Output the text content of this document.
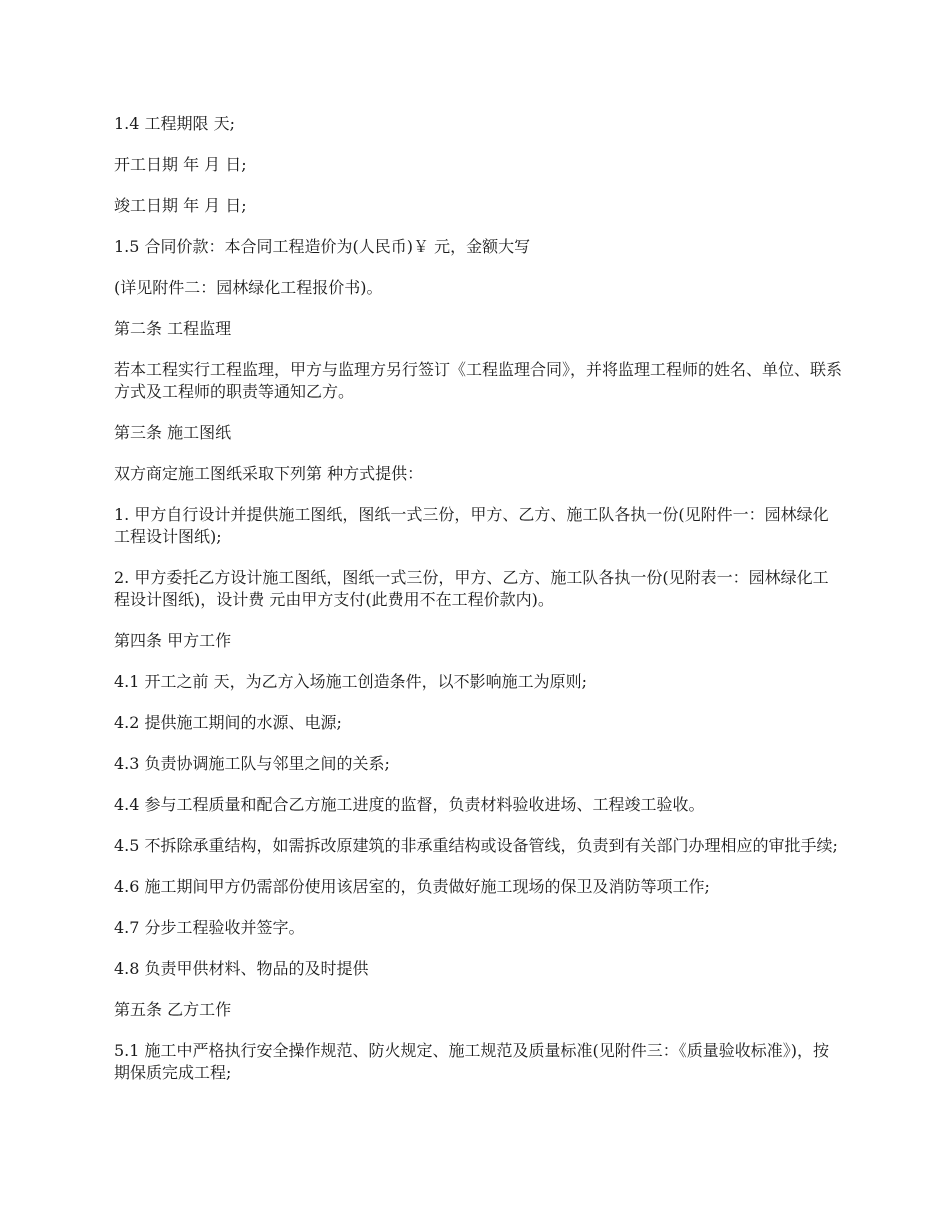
1.4 工程期限 天;

开工日期 年 月 日;

竣工日期 年 月 日;

1.5 合同价款：本合同工程造价为(人民币)￥ 元，金额大写

(详见附件二：园林绿化工程报价书)。

第二条 工程监理

若本工程实行工程监理，甲方与监理方另行签订《工程监理合同》，并将监理工程师的姓名、单位、联系方式及工程师的职责等通知乙方。

第三条 施工图纸

双方商定施工图纸采取下列第 种方式提供：

1. 甲方自行设计并提供施工图纸，图纸一式三份，甲方、乙方、施工队各执一份(见附件一：园林绿化工程设计图纸);

2. 甲方委托乙方设计施工图纸，图纸一式三份，甲方、乙方、施工队各执一份(见附表一：园林绿化工程设计图纸)，设计费 元由甲方支付(此费用不在工程价款内)。

第四条 甲方工作

4.1 开工之前 天，为乙方入场施工创造条件，以不影响施工为原则;

4.2 提供施工期间的水源、电源;

4.3 负责协调施工队与邻里之间的关系;

4.4 参与工程质量和配合乙方施工进度的监督，负责材料验收进场、工程竣工验收。

4.5 不拆除承重结构，如需拆改原建筑的非承重结构或设备管线，负责到有关部门办理相应的审批手续;

4.6 施工期间甲方仍需部份使用该居室的，负责做好施工现场的保卫及消防等项工作;

4.7 分步工程验收并签字。

4.8 负责甲供材料、物品的及时提供

第五条 乙方工作

5.1 施工中严格执行安全操作规范、防火规定、施工规范及质量标准(见附件三：《质量验收标准》)，按期保质完成工程;
